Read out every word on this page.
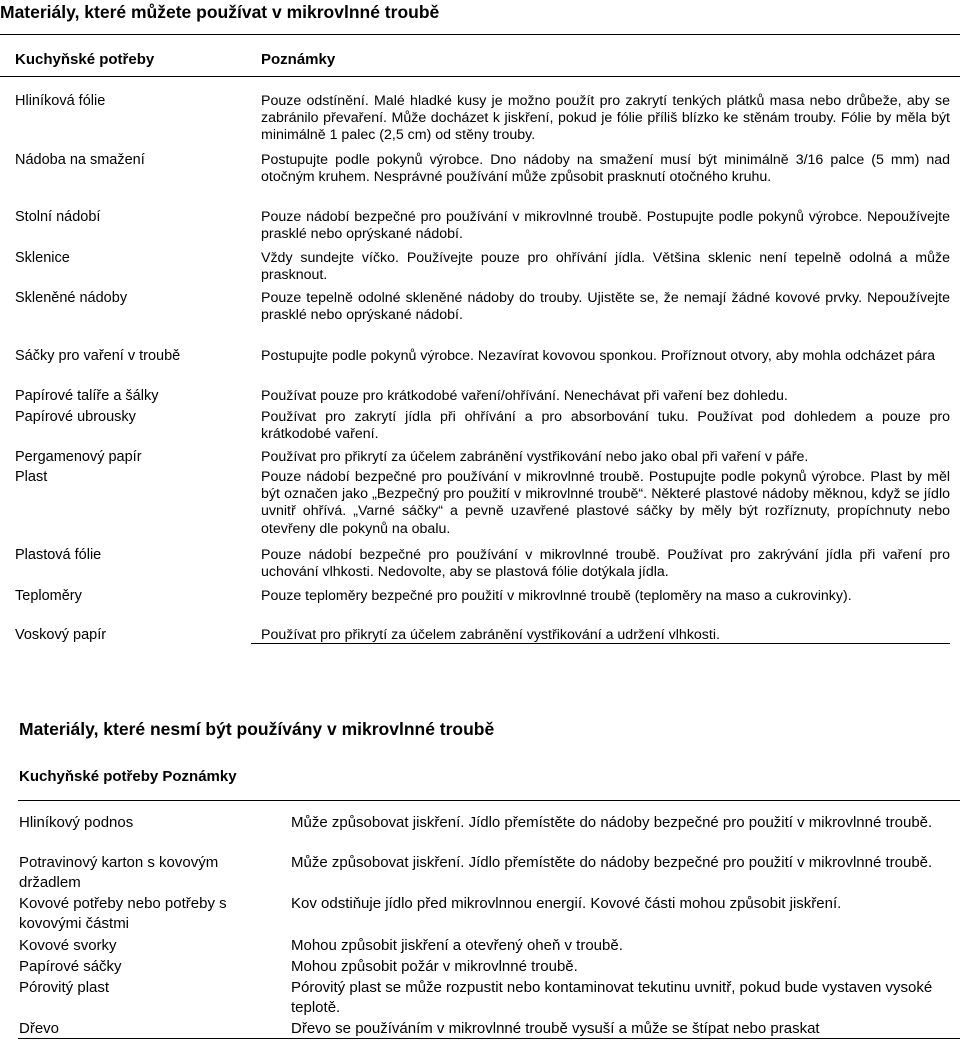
Materiály, které můžete používat v mikrovlnné troubě
Kuchyňské potřeby	Poznámky
Hliníková fólie
Nádoba na smažení
Stolní nádobí
Sklenice
Skleněné nádoby
Sáčky pro vaření v troubě
Papírové talíře a šálky
Papírové ubrousky
Pergamenový papír
Plast
Plastová fólie
Teploměry
Voskový papír
Pouze odstínění. Malé hladké kusy je možno použít pro zakrytí tenkých plátků masa nebo drůbeže, aby se zabránilo převaření. Může docházet k jiskření, pokud je fólie příliš blízko ke stěnám trouby. Fólie by měla být minimálně 1 palec (2,5 cm) od stěny trouby.
Postupujte podle pokynů výrobce. Dno nádoby na smažení musí být minimálně 3/16 palce (5 mm) nad otočným kruhem. Nesprávné používání může způsobit prasknutí otočného kruhu.
Pouze nádobí bezpečné pro používání v mikrovlnné troubě. Postupujte podle pokynů výrobce. Nepoužívejte prasklé nebo oprýskané nádobí.
Vždy sundejte víčko. Používejte pouze pro ohřívání jídla. Většina sklenic není tepelně odolná a může prasknout.
Pouze tepelně odolné skleněné nádoby do trouby. Ujistěte se, že nemají žádné kovové prvky. Nepoužívejte prasklé nebo oprýskané nádobí.
Postupujte podle pokynů výrobce. Nezavírat kovovou sponkou. Proříznout otvory, aby mohla odcházet pára
Používat pouze pro krátkodobé vaření/ohřívání. Nenechávat při vaření bez dohledu.
Používat pro zakrytí jídla při ohřívání a pro absorbování tuku. Používat pod dohledem a pouze pro krátkodobé vaření.
Používat pro přikrytí za účelem zabránění vystřikování nebo jako obal při vaření v páře.
Pouze nádobí bezpečné pro používání v mikrovlnné troubě. Postupujte podle pokynů výrobce. Plast by měl být označen jako „Bezpečný pro použití v mikrovlnné troubě“. Některé plastové nádoby měknou, když se jídlo uvnitř ohřívá. „Varné sáčky“ a pevně uzavřené plastové sáčky by měly být rozříznuty, propíchnuty nebo otevřeny dle pokynů na obalu.
Pouze nádobí bezpečné pro používání v mikrovlnné troubě. Používat pro zakrývání jídla při vaření pro uchování vlhkosti. Nedovolte, aby se plastová fólie dotýkala jídla.
Pouze teploměry bezpečné pro použití v mikrovlnné troubě (teploměry na maso a cukrovinky).
Používat pro přikrytí za účelem zabránění vystřikování a udržení vlhkosti.
Materiály, které nesmí být používány v mikrovlnné troubě
Kuchyňské potřeby Poznámky
Hliníkový podnos
Potravinový karton s kovovým držadlem
Kovové potřeby nebo potřeby s kovovými částmi
Kovové svorky
Papírové sáčky
Pórovitý plast
Dřevo
Může způsobovat jiskření. Jídlo přemístěte do nádoby bezpečné pro použití v mikrovlnné troubě.
Může způsobovat jiskření. Jídlo přemístěte do nádoby bezpečné pro použití v mikrovlnné troubě.
Kov odstiňuje jídlo před mikrovlnnou energií. Kovové části mohou způsobit jiskření.
Mohou způsobit jiskření a otevřený oheň v troubě.
Mohou způsobit požár v mikrovlnné troubě.
Pórovitý plast se může rozpustit nebo kontaminovat tekutinu uvnitř, pokud bude vystaven vysoké teplotě.
Dřevo se používáním v mikrovlnné troubě vysuší a může se štípat nebo praskat
